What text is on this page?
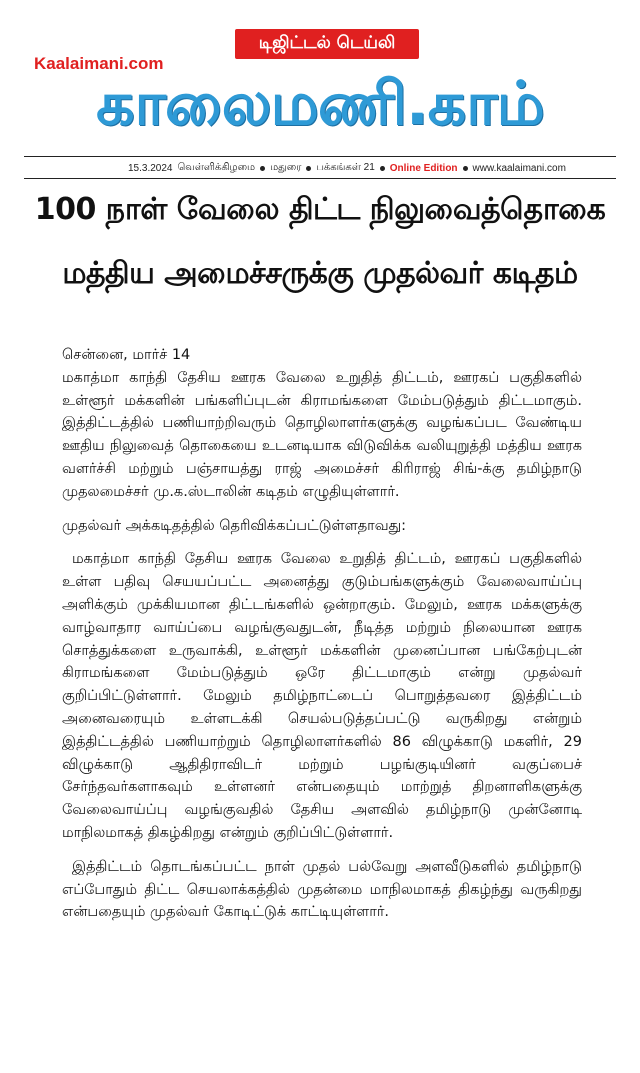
டிஜிட்டல் டெய்லி
Kaalaimani.com
காலைமணி.காம்
15.3.2024 வெள்ளிக்கிழமை மதுரை பக்கங்கள் 21 Online Edition www.kaalaimani.com
100 நாள் வேலை திட்ட நிலுவைத்தொகை
மத்திய அமைச்சருக்கு முதல்வர் கடிதம்

சென்னை, மார்ச் 14

மகாத்மா காந்தி தேசிய ஊரக வேலை உறுதித் திட்டம், ஊரகப் பகுதிகளில் உள்ளூர் மக்களின் பங்களிப்புடன் கிராமங்களை மேம்படுத்தும் திட்டமாகும். இத்திட்டத்தில் பணியாற்றிவரும் தொழிலாளர்களுக்கு வழங்கப்பட வேண்டிய ஊதிய நிலுவைத் தொகையை உடனடியாக விடுவிக்க வலியுறுத்தி மத்திய ஊரக வளர்ச்சி மற்றும் பஞ்சாயத்து ராஜ் அமைச்சர் கிரிராஜ் சிங்-க்கு தமிழ்நாடு முதலமைச்சர் மு.க.ஸ்டாலின் கடிதம் எழுதியுள்ளார்.

முதல்வர் அக்கடிதத்தில் தெரிவிக்கப்பட்டுள்ளதாவது:

மகாத்மா காந்தி தேசிய ஊரக வேலை உறுதித் திட்டம், ஊரகப் பகுதிகளில் உள்ள பதிவு செயயப்பட்ட அனைத்து குடும்பங்களுக்கும் வேலைவாய்ப்பு அளிக்கும் முக்கியமான திட்டங்களில் ஒன்றாகும். மேலும், ஊரக மக்களுக்கு வாழ்வாதார வாய்ப்பை வழங்குவதுடன், நீடித்த மற்றும் நிலையான ஊரக சொத்துக்களை உருவாக்கி, உள்ளூர் மக்களின் முனைப்பான பங்கேற்புடன் கிராமங்களை மேம்படுத்தும் ஒரே திட்டமாகும் என்று முதல்வர் குறிப்பிட்டுள்ளார். மேலும் தமிழ்நாட்டைப் பொறுத்தவரை இத்திட்டம் அனைவரையும் உள்ளடக்கி செயல்படுத்தப்பட்டு வருகிறது என்றும் இத்திட்டத்தில் பணியாற்றும் தொழிலாளர்களில் 86 விழுக்காடு மகளிர், 29 விழுக்காடு ஆதிதிராவிடர் மற்றும் பழங்குடியினர் வகுப்பைச் சேர்ந்தவர்களாகவும் உள்ளனர் என்பதையும் மாற்றுத் திறனாளிகளுக்கு வேலைவாய்ப்பு வழங்குவதில் தேசிய அளவில் தமிழ்நாடு முன்னோடி மாநிலமாகத் திகழ்கிறது என்றும் குறிப்பிட்டுள்ளார்.

இத்திட்டம் தொடங்கப்பட்ட நாள் முதல் பல்வேறு அளவீடுகளில் தமிழ்நாடு எப்போதும் திட்ட செயலாக்கத்தில் முதன்மை மாநிலமாகத் திகழ்ந்து வருகிறது என்பதையும் முதல்வர் கோடிட்டுக் காட்டியுள்ளார்.
